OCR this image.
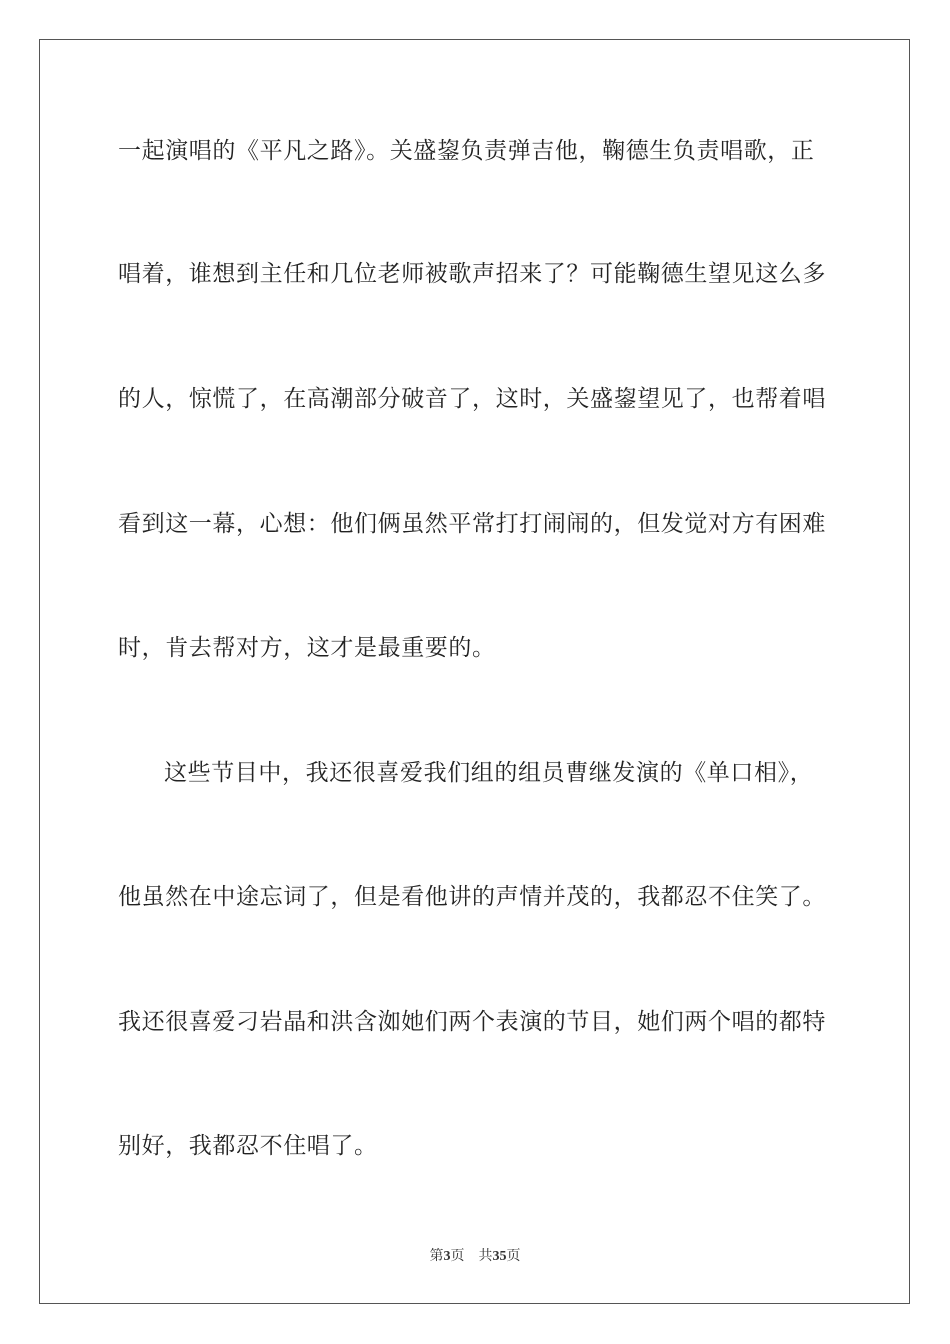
一起演唱的《平凡之路》。关盛鋆负责弹吉他，鞠德生负责唱歌，正
唱着，谁想到主任和几位老师被歌声招来了？可能鞠德生望见这么多
的人，惊慌了，在高潮部分破音了，这时，关盛鋆望见了，也帮着唱
看到这一幕，心想：他们俩虽然平常打打闹闹的，但发觉对方有困难
时，肯去帮对方，这才是最重要的。
这些节目中，我还很喜爱我们组的组员曹继发演的《单口相》，
他虽然在中途忘词了，但是看他讲的声情并茂的，我都忍不住笑了。
我还很喜爱刁岩晶和洪含洳她们两个表演的节目，她们两个唱的都特
别好，我都忍不住唱了。
第3页 共35页
